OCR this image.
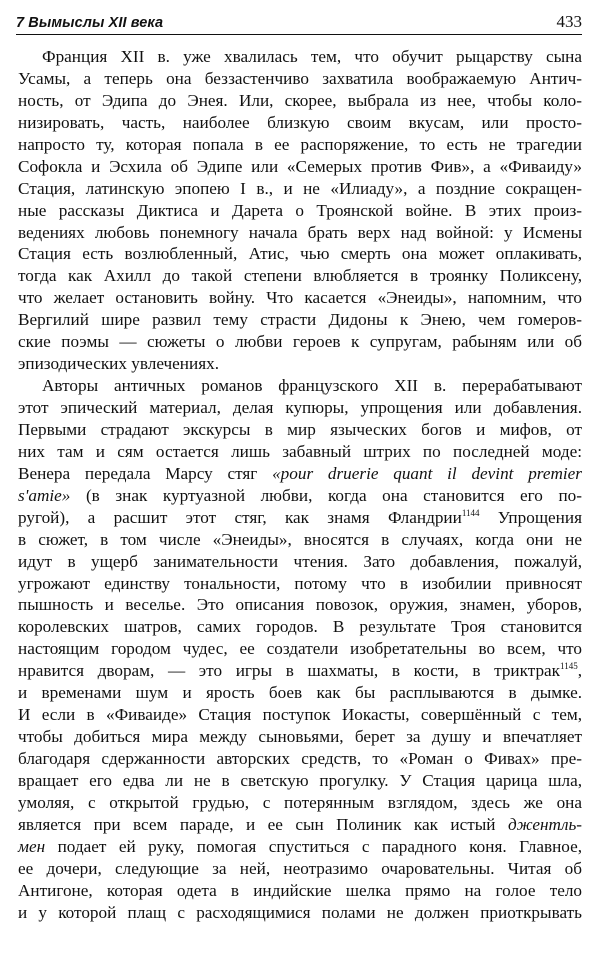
7 Вымыслы XII века	433
Франция XII в. уже хвалилась тем, что обучит рыцарству сына
Усамы, а теперь она беззастенчиво захватила воображаемую Антич-
ность, от Эдипа до Энея. Или, скорее, выбрала из нее, чтобы коло-
низировать, часть, наиболее близкую своим вкусам, или просто-
напросто ту, которая попала в ее распоряжение, то есть не трагедии
Софокла и Эсхила об Эдипе или «Семерых против Фив», а «Фиваиду»
Стация, латинскую эпопею I в., и не «Илиаду», а поздние сокращен-
ные рассказы Диктиса и Дарета о Троянской войне. В этих произ-
ведениях любовь понемногу начала брать верх над войной: у Исмены
Стация есть возлюбленный, Атис, чью смерть она может оплакивать,
тогда как Ахилл до такой степени влюбляется в троянку Поликсену,
что желает остановить войну. Что касается «Энеиды», напомним, что
Вергилий шире развил тему страсти Дидоны к Энею, чем гомеров-
ские поэмы — сюжеты о любви героев к супругам, рабыням или об
эпизодических увлечениях.
Авторы античных романов французского XII в. перерабатывают
этот эпический материал, делая купюры, упрощения или добавления.
Первыми страдают экскурсы в мир языческих богов и мифов, от
них там и сям остается лишь забавный штрих по последней моде:
Венера передала Марсу стяг «pour druerie quant il devint premier
s'amie» (в знак куртуазной любви, когда она становится его по-
ругой), а расшит этот стяг, как знамя Фландрии$^{1144}$ Упрощения
в сюжет, в том числе «Энеиды», вносятся в случаях, когда они не
идут в ущерб занимательности чтения. Зато добавления, пожалуй,
угрожают единству тональности, потому что в изобилии привносят
пышность и веселье. Это описания повозок, оружия, знамен, уборов,
королевских шатров, самих городов. В результате Троя становится
настоящим городом чудес, ее создатели изобретательны во всем, что
нравится дворам, — это игры в шахматы, в кости, в триктрак$^{1145}$,
и временами шум и ярость боев как бы расплываются в дымке.
И если в «Фиваиде» Стация поступок Иокасты, совершённый с тем,
чтобы добиться мира между сыновьями, берет за душу и впечатляет
благодаря сдержанности авторских средств, то «Роман о Фивах» пре-
вращает его едва ли не в светскую прогулку. У Стация царица шла,
умоляя, с открытой грудью, с потерянным взглядом, здесь же она
является при всем параде, и ее сын Полиник как истый джентль-
мен подает ей руку, помогая спуститься с парадного коня. Главное,
ее дочери, следующие за ней, неотразимо очаровательны. Читая об
Антигоне, которая одета в индийские шелка прямо на голое тело
и у которой плащ с расходящимися полами не должен приоткрывать
